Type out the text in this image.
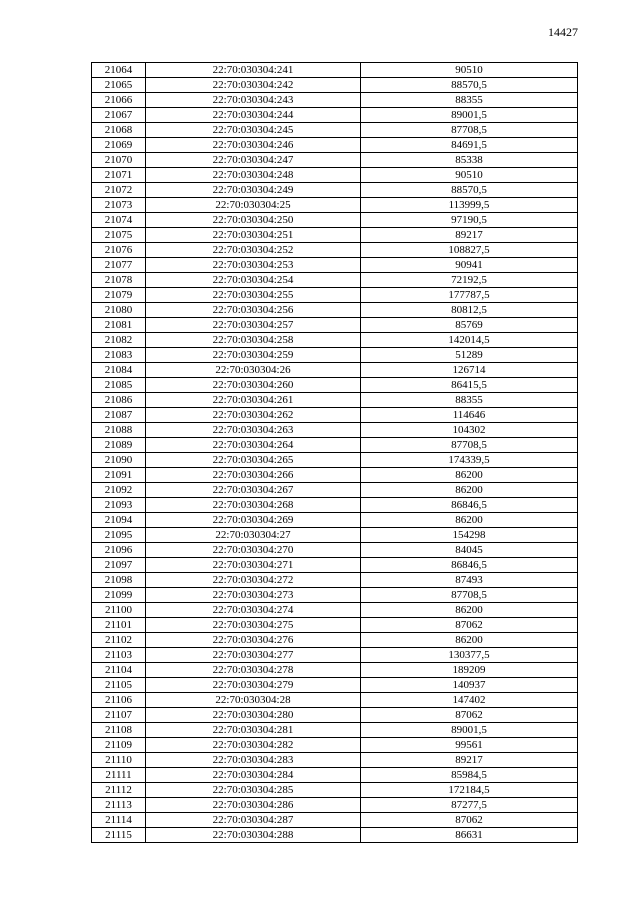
14427
21064	22:70:030304:241	90510
21065	22:70:030304:242	88570,5
21066	22:70:030304:243	88355
21067	22:70:030304:244	89001,5
21068	22:70:030304:245	87708,5
21069	22:70:030304:246	84691,5
21070	22:70:030304:247	85338
21071	22:70:030304:248	90510
21072	22:70:030304:249	88570,5
21073	22:70:030304:25	113999,5
21074	22:70:030304:250	97190,5
21075	22:70:030304:251	89217
21076	22:70:030304:252	108827,5
21077	22:70:030304:253	90941
21078	22:70:030304:254	72192,5
21079	22:70:030304:255	177787,5
21080	22:70:030304:256	80812,5
21081	22:70:030304:257	85769
21082	22:70:030304:258	142014,5
21083	22:70:030304:259	51289
21084	22:70:030304:26	126714
21085	22:70:030304:260	86415,5
21086	22:70:030304:261	88355
21087	22:70:030304:262	114646
21088	22:70:030304:263	104302
21089	22:70:030304:264	87708,5
21090	22:70:030304:265	174339,5
21091	22:70:030304:266	86200
21092	22:70:030304:267	86200
21093	22:70:030304:268	86846,5
21094	22:70:030304:269	86200
21095	22:70:030304:27	154298
21096	22:70:030304:270	84045
21097	22:70:030304:271	86846,5
21098	22:70:030304:272	87493
21099	22:70:030304:273	87708,5
21100	22:70:030304:274	86200
21101	22:70:030304:275	87062
21102	22:70:030304:276	86200
21103	22:70:030304:277	130377,5
21104	22:70:030304:278	189209
21105	22:70:030304:279	140937
21106	22:70:030304:28	147402
21107	22:70:030304:280	87062
21108	22:70:030304:281	89001,5
21109	22:70:030304:282	99561
21110	22:70:030304:283	89217
21111	22:70:030304:284	85984,5
21112	22:70:030304:285	172184,5
21113	22:70:030304:286	87277,5
21114	22:70:030304:287	87062
21115	22:70:030304:288	86631
